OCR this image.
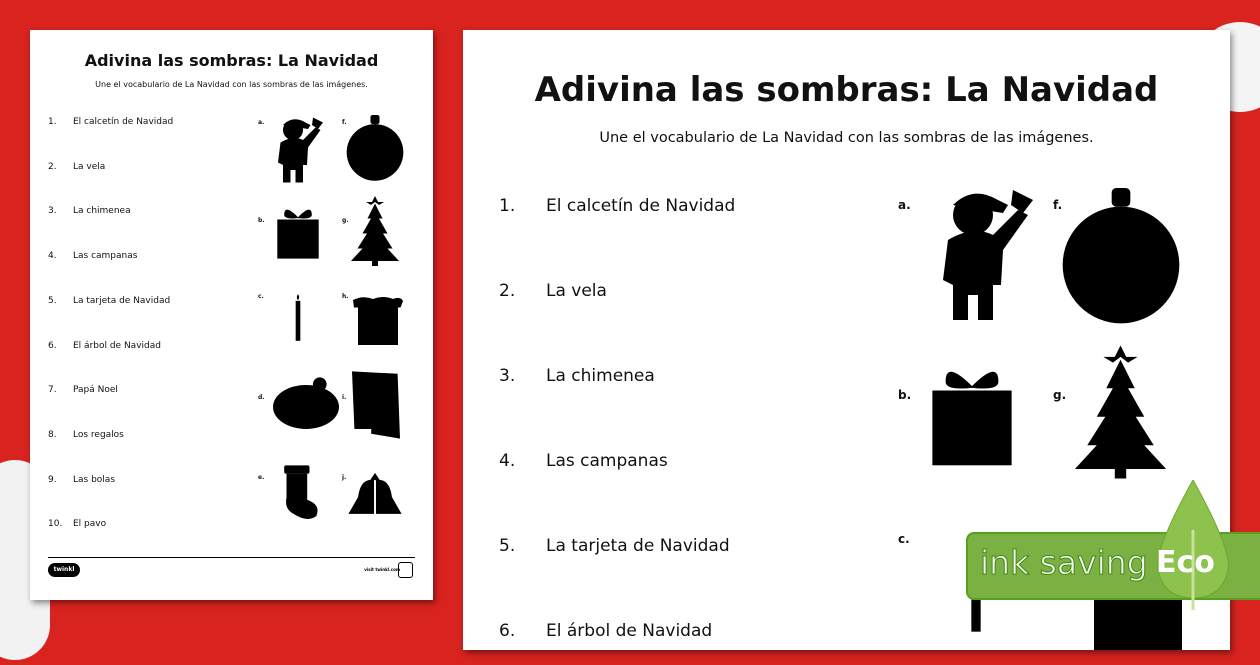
Adivina las sombras: La Navidad
Une el vocabulario de La Navidad con las sombras de las imágenes.
1. El calcetín de Navidad
2. La vela
3. La chimenea
4. Las campanas
5. La tarjeta de Navidad
6. El árbol de Navidad
7. Papá Noel
8. Los regalos
9. Las bolas
10. El pavo
a.
b.
c.
d.
e.
f.
g.
h.
i.
j.
twinkl	visit twinkl.com
Adivina las sombras: La Navidad
Une el vocabulario de La Navidad con las sombras de las imágenes.
1. El calcetín de Navidad
2. La vela
3. La chimenea
4. Las campanas
5. La tarjeta de Navidad
6. El árbol de Navidad
a.
b.
c.
f.
g.
ink saving Eco
